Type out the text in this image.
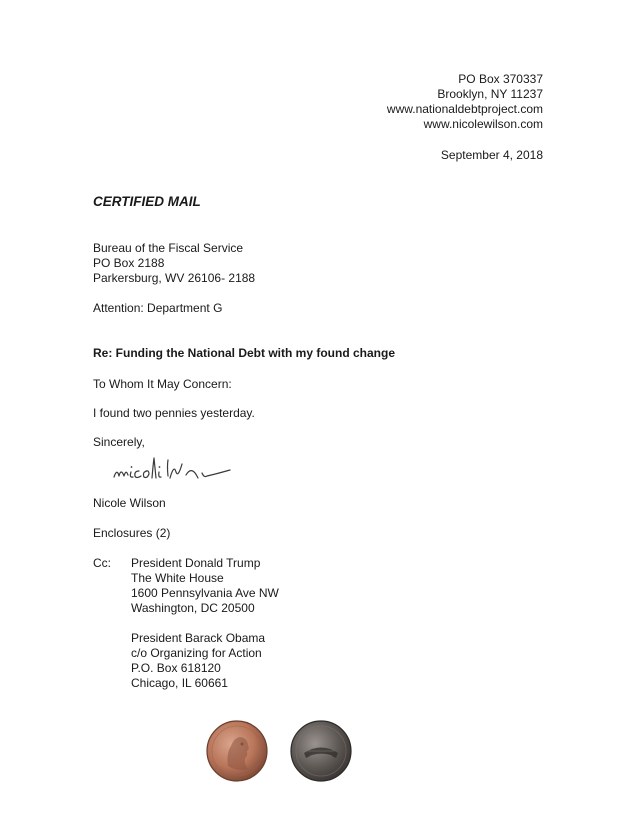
PO Box 370337
Brooklyn, NY 11237
www.nationaldebtproject.com
www.nicolewilson.com
September 4, 2018
CERTIFIED MAIL
Bureau of the Fiscal Service
PO Box 2188
Parkersburg, WV 26106- 2188
Attention: Department G
Re: Funding the National Debt with my found change
To Whom It May Concern:
I found two pennies yesterday.
Sincerely,
Nicole Wilson
Enclosures (2)
Cc: President Donald Trump
The White House
1600 Pennsylvania Ave NW
Washington, DC 20500
President Barack Obama
c/o Organizing for Action
P.O. Box 618120
Chicago, IL 60661
